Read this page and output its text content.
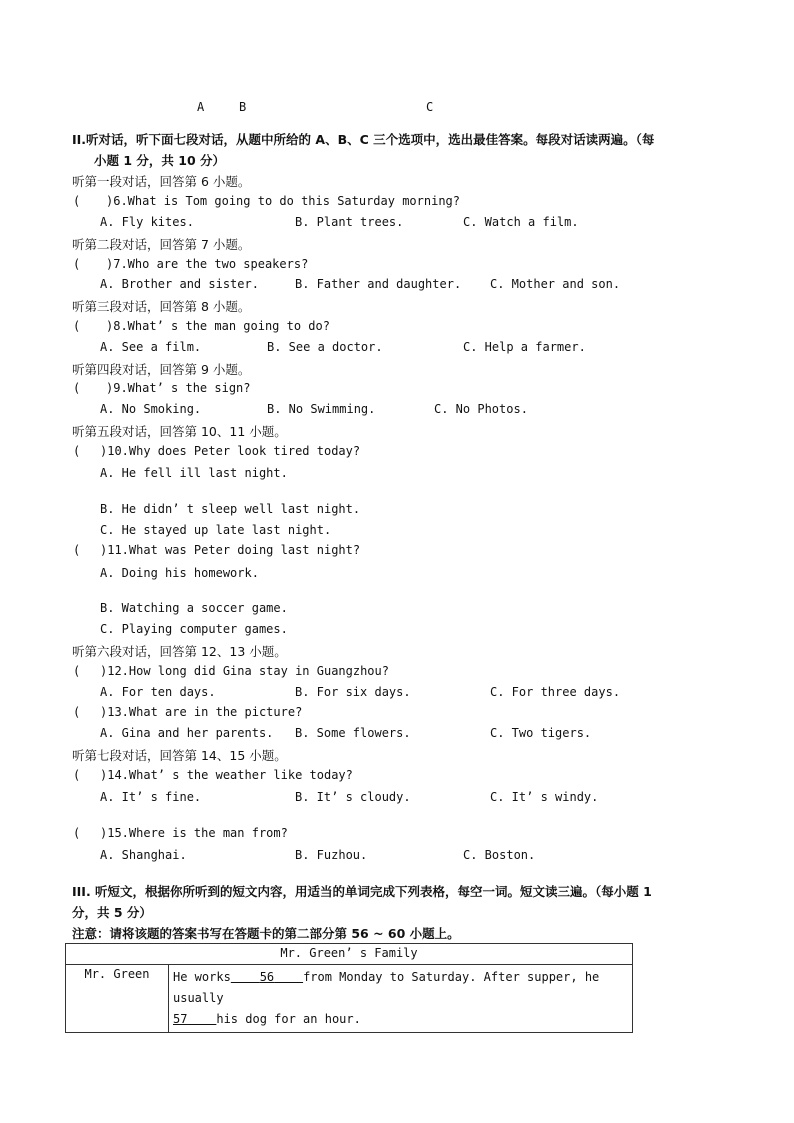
A	B	C
II.听对话，听下面七段对话，从题中所给的 A、B、C 三个选项中，选出最佳答案。每段对话读两遍。（每
小题 1 分，共 10 分）
听第一段对话，回答第 6 小题。
( )6.What is Tom going to do this Saturday morning?
A. Fly kites.	B. Plant trees.	C. Watch a film.
听第二段对话，回答第 7 小题。
( )7.Who are the two speakers?
A. Brother and sister.	B. Father and daughter. C. Mother and son.
听第三段对话，回答第 8 小题。
( )8.What’ s the man going to do?
A. See a film.	B. See a doctor.	C. Help a farmer.
听第四段对话，回答第 9 小题。
( )9.What’ s the sign?
A. No Smoking.	B. No Swimming.	C. No Photos.
听第五段对话，回答第 10、11 小题。
( )10.Why does Peter look tired today?
A. He fell ill last night.
B. He didn’ t sleep well last night.
C. He stayed up late last night.
( )11.What was Peter doing last night?
A. Doing his homework.
B. Watching a soccer game.
C. Playing computer games.
听第六段对话，回答第 12、13 小题。
( )12.How long did Gina stay in Guangzhou?
A. For ten days.	B. For six days.	C. For three days.
( )13.What are in the picture?
A. Gina and her parents. B. Some flowers.	C. Two tigers.
听第七段对话，回答第 14、15 小题。
( )14.What’ s the weather like today?
A. It’ s fine.	B. It’ s cloudy.	C. It’ s windy.
( )15.Where is the man from?
A. Shanghai.	B. Fuzhou.	C. Boston.
III. 听短文，根据你所听到的短文内容，用适当的单词完成下列表格，每空一词。短文读三遍。（每小题 1
分，共 5 分）
注意：请将该题的答案书写在答题卡的第二部分第 56 ~ 60 小题上。
Mr. Green’ s Family
Mr. Green	He works 56 from Monday to Saturday. After supper, he usually
57 his dog for an hour.
